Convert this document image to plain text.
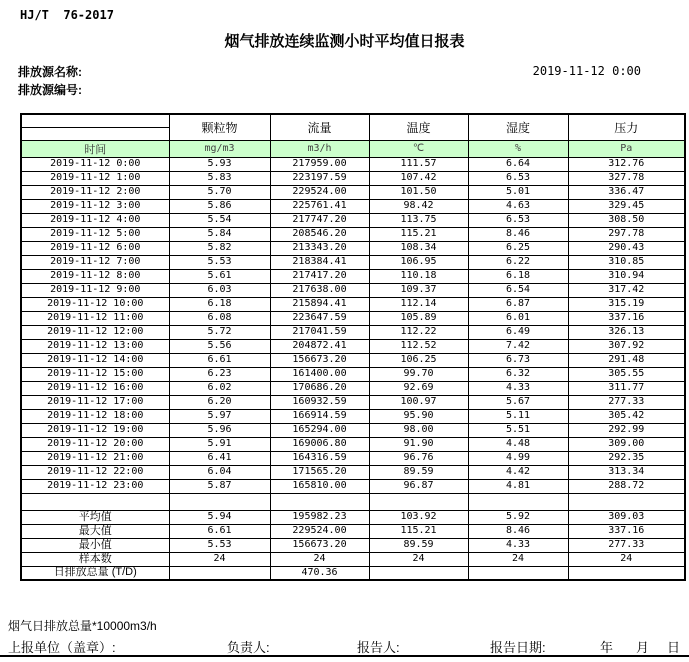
HJ/T  76-2017
烟气排放连续监测小时平均值日报表
排放源名称:
排放源编号:
2019-11-12 0:00
	颗粒物	流量	温度	湿度	压力

时间	mg/m3	m3/h	℃	%	Pa
2019-11-12 0:00	5.93	217959.00	111.57	6.64	312.76
2019-11-12 1:00	5.83	223197.59	107.42	6.53	327.78
2019-11-12 2:00	5.70	229524.00	101.50	5.01	336.47
2019-11-12 3:00	5.86	225761.41	98.42	4.63	329.45
2019-11-12 4:00	5.54	217747.20	113.75	6.53	308.50
2019-11-12 5:00	5.84	208546.20	115.21	8.46	297.78
2019-11-12 6:00	5.82	213343.20	108.34	6.25	290.43
2019-11-12 7:00	5.53	218384.41	106.95	6.22	310.85
2019-11-12 8:00	5.61	217417.20	110.18	6.18	310.94
2019-11-12 9:00	6.03	217638.00	109.37	6.54	317.42
2019-11-12 10:00	6.18	215894.41	112.14	6.87	315.19
2019-11-12 11:00	6.08	223647.59	105.89	6.01	337.16
2019-11-12 12:00	5.72	217041.59	112.22	6.49	326.13
2019-11-12 13:00	5.56	204872.41	112.52	7.42	307.92
2019-11-12 14:00	6.61	156673.20	106.25	6.73	291.48
2019-11-12 15:00	6.23	161400.00	99.70	6.32	305.55
2019-11-12 16:00	6.02	170686.20	92.69	4.33	311.77
2019-11-12 17:00	6.20	160932.59	100.97	5.67	277.33
2019-11-12 18:00	5.97	166914.59	95.90	5.11	305.42
2019-11-12 19:00	5.96	165294.00	98.00	5.51	292.99
2019-11-12 20:00	5.91	169006.80	91.90	4.48	309.00
2019-11-12 21:00	6.41	164316.59	96.76	4.99	292.35
2019-11-12 22:00	6.04	171565.20	89.59	4.42	313.34
2019-11-12 23:00	5.87	165810.00	96.87	4.81	288.72

平均值	5.94	195982.23	103.92	5.92	309.03
最大值	6.61	229524.00	115.21	8.46	337.16
最小值	5.53	156673.20	89.59	4.33	277.33
样本数	24	24	24	24	24
日排放总量 (T/D)		470.36			
烟气日排放总量*10000m3/h
上报单位（盖章）:	负责人:	报告人:	报告日期:	年 月 日
